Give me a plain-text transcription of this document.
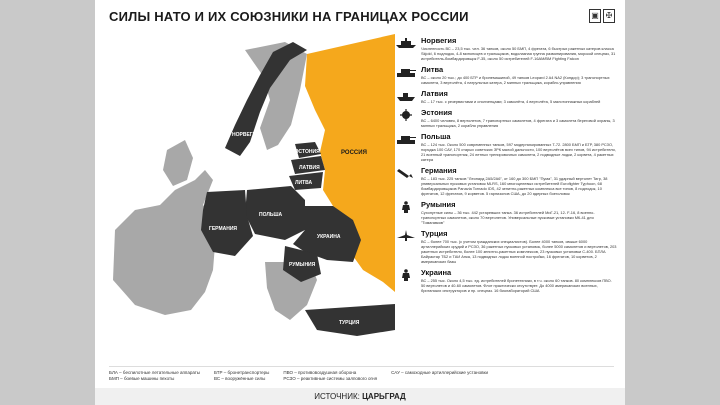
СИЛЫ НАТО И ИХ СОЮЗНИКИ НА ГРАНИЦАХ РОССИИ	▣ ✠
НОРВЕГИЯ
ЭСТОНИЯ
ЛАТВИЯ
ЛИТВА
РОССИЯ
ПОЛЬША
ГЕРМАНИЯ
УКРАИНА
РУМЫНИЯ
ТУРЦИЯ
Норвегия

Численность ВС – 23,5 тыс. чел. 36 танков, около 50 БМП, 4 фрегата, 6 быстрых ракетных катеров класса Skjold, 6 подлодок, 4-8 минонсцев и тральщиков, водолазная группа разминирования, морской спецназ, 31 истребитель-бомбардировщик F-35, около 50 истребителей F-16AM/BM Fighting Falcon

Литва

ВС – около 20 тыс.; до 400 БТР и бронемашиной, 49 танков Leopard 2 A4 NA2 (Кондор); 3 транспортных самолета, 3 вертолёта, 4 патрульных катера, 2 минных тральщика, корабль управления

Латвия

ВС – 17 тыс. с резервистами и ополченцами; 3 самолёта, 4 вертолёта, 5 малотоннажных кораблей

Эстония

ВС – 6400 человек, 8 вертолетов, 7 транспортных самолетов, 4 фрегата и 3 самолета береговой охраны, 3 минных тральщика, 2 корабля управления

Польша

ВС – 124 тыс. Около 500 современных танков, 597 модернизированных T-72. 2800 БМП и БТР, 380 РСЗО, порядка 100 САУ, 170 старых советских ЗРК малой дальности, 100 вертолётов всех типов, 94 истребителя, 21 военный транспортник, 24 летных тренировочных самолета, 2 подводные лодки, 2 корвета, 4 ракетных катера

Германия

ВС – 183 тыс. 225 танков "Леопард 2A5/2A6", от 160 до 300 БМП "Пума", 31 ударный вертолет Тигр, 38 универсальных пусковых установок MLRS, 160 многоцелевых истребителей Eurofighter Typhoon, 68 бомбардировщиков Panavia Tornado IDS, 42 зенитно-ракетных комплекса все типов, 8 подлодок, 10 фрегатов, 12 фрегатов, 9 корветов. 5 гарнизонов США, до 20 ядерных боеголовок

Румыния

Сухопутные силы – 36 тыс. 442 устаревших танка. 36 истребителей МиГ-21, 12- F-16, 8 военно-транспортных самолетов, около 70 вертолетов. Универсальные пусковые установки МК-41 для "Томагавков"

Турция

ВС – более 700 тыс. (с учетом гражданских специалистов). Более 4000 танков, свыше 6000 артиллерийских орудий и РСЗО, 36 ракетных пусковых установок, более 5000 самолетов и вертолетов, 203 ракетных истребителя, более 100 зенитно-ракетных комплексов, 23 пусковых установки С-400. БПЛА Байрактар ТБ2 и ТАИ Анка, 13 подводных лодок военной постройки, 16 фрегатов, 10 корветов, 2 американских базы

Украина

ВС – 255 тыс. Около 4,5 тыс. ед. истребителей бронетехники, в т.ч. около 60 танков. 80 комплексов ПВО. 50 вертолетов и 40-60 самолетов. Флот практически отсутствует. До 4000 американских военных, британских инструкторов и пр. спецназ. 16 биолабораторий США

БЛА – беспилотные летательные аппараты
БМП – боевые машины пехоты
БТР – бронетранспортеры
ВС – вооружённые силы
ПВО – противовоздушная оборона
РСЗО – реактивные системы залпового огня
САУ – самоходные артиллерийские установки
ИСТОЧНИК: ЦАРЬГРАД
